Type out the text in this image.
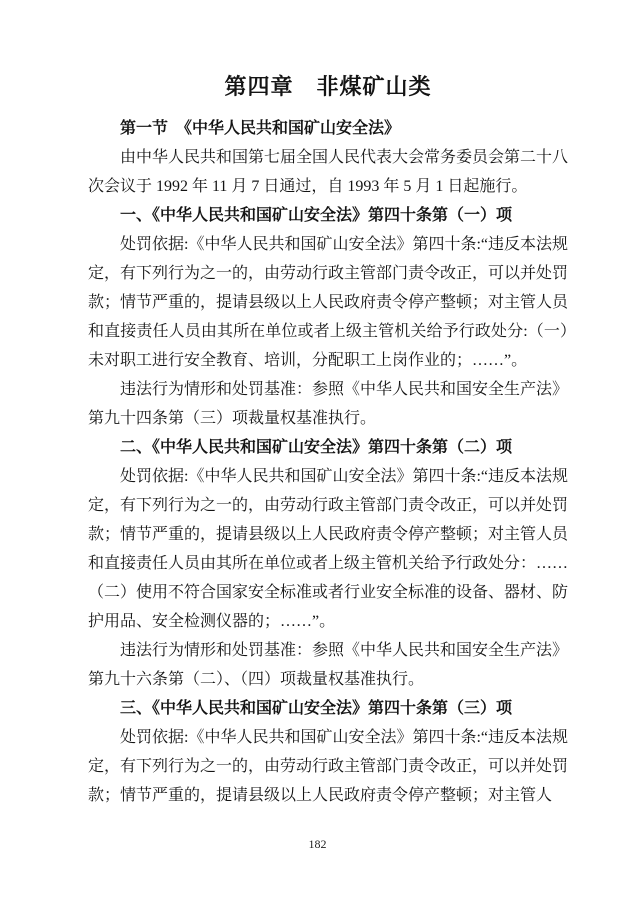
第四章　非煤矿山类
第一节　《中华人民共和国矿山安全法》

由中华人民共和国第七届全国人民代表大会常务委员会第二十八次会议于 1992 年 11 月 7 日通过，自 1993 年 5 月 1 日起施行。

一、《中华人民共和国矿山安全法》第四十条第（一）项

处罚依据:《中华人民共和国矿山安全法》第四十条:“违反本法规定，有下列行为之一的，由劳动行政主管部门责令改正，可以并处罚款；情节严重的，提请县级以上人民政府责令停产整顿；对主管人员和直接责任人员由其所在单位或者上级主管机关给予行政处分:（一）未对职工进行安全教育、培训，分配职工上岗作业的；……”。

违法行为情形和处罚基准：参照《中华人民共和国安全生产法》第九十四条第（三）项裁量权基准执行。

二、《中华人民共和国矿山安全法》第四十条第（二）项

处罚依据:《中华人民共和国矿山安全法》第四十条:“违反本法规定，有下列行为之一的，由劳动行政主管部门责令改正，可以并处罚款；情节严重的，提请县级以上人民政府责令停产整顿；对主管人员和直接责任人员由其所在单位或者上级主管机关给予行政处分：……（二）使用不符合国家安全标准或者行业安全标准的设备、器材、防护用品、安全检测仪器的；……”。

违法行为情形和处罚基准：参照《中华人民共和国安全生产法》第九十六条第（二）、（四）项裁量权基准执行。

三、《中华人民共和国矿山安全法》第四十条第（三）项

处罚依据:《中华人民共和国矿山安全法》第四十条:“违反本法规定，有下列行为之一的，由劳动行政主管部门责令改正，可以并处罚款；情节严重的，提请县级以上人民政府责令停产整顿；对主管人

182
